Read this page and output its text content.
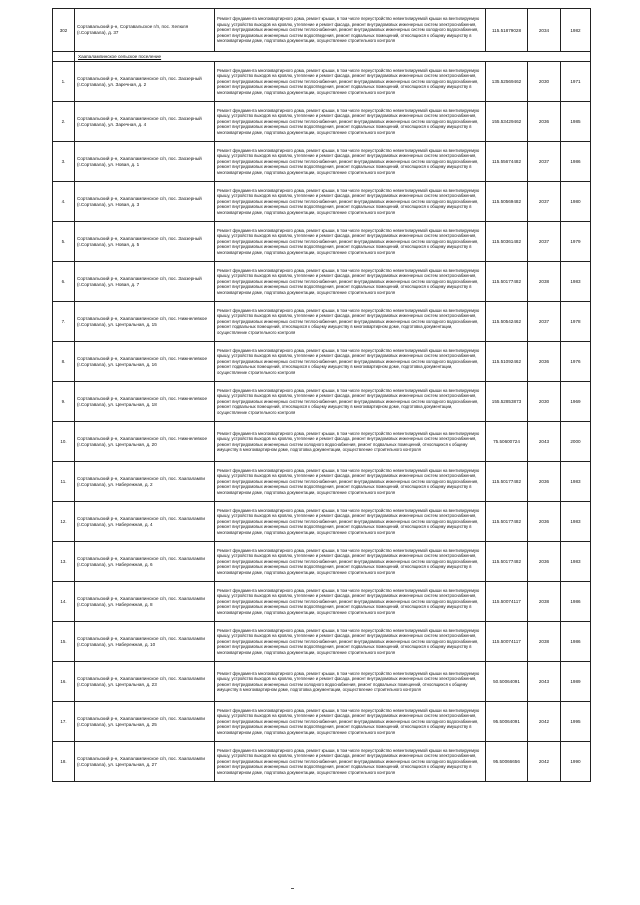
302	Сортавальский р-н, Сортавальское г/п, пос. Хелюля (г.Сортавала), д. 37	Ремонт фундамента многоквартирного дома, ремонт крыши, в том числе переустройство невентилируемой крыши на вентилируемую крышу, устройство выходов на кровлю, утепление и ремонт фасада, ремонт внутридомовых инженерных систем электроснабжения, ремонт внутридомовых инженерных систем теплоснабжения, ремонт внутридомовых инженерных систем холодного водоснабжения, ремонт внутридомовых инженерных систем водоотведения, ремонт подвальных помещений, относящихся к общему имуществу в многоквартирном доме, подготовка документации, осуществление строительного контроля	115.51879028	2034	1982
	Хаапалампинское сельское поселение				
1.	Сортавальский р-н, Хаапалампинское с/п, пос. Заозерный (г.Сортавала), ул. Заречная, д. 2	Ремонт фундамента многоквартирного дома, ремонт крыши, в том числе переустройство невентилируемой крыши на вентилируемую крышу, устройство выходов на кровлю, утепление и ремонт фасада, ремонт внутридомовых инженерных систем электроснабжения, ремонт внутридомовых инженерных систем теплоснабжения, ремонт внутридомовых инженерных систем холодного водоснабжения, ремонт внутридомовых инженерных систем водоотведения, ремонт подвальных помещений, относящихся к общему имуществу в многоквартирном доме, подготовка документации, осуществление строительного контроля	135.52569462	2030	1971
2.	Сортавальский р-н, Хаапалампинское с/п, пос. Заозерный (г.Сортавала), ул. Заречная, д. 4	Ремонт фундамента многоквартирного дома, ремонт крыши, в том числе переустройство невентилируемой крыши на вентилируемую крышу, устройство выходов на кровлю, утепление и ремонт фасада, ремонт внутридомовых инженерных систем электроснабжения, ремонт внутридомовых инженерных систем теплоснабжения, ремонт внутридомовых инженерных систем холодного водоснабжения, ремонт внутридомовых инженерных систем водоотведения, ремонт подвальных помещений, относящихся к общему имуществу в многоквартирном доме, подготовка документации, осуществление строительного контроля	155.53429462	2036	1985
3.	Сортавальский р-н, Хаапалампинское с/п, пос. Заозерный (г.Сортавала), ул. Новая, д. 1	Ремонт фундамента многоквартирного дома, ремонт крыши, в том числе переустройство невентилируемой крыши на вентилируемую крышу, устройство выходов на кровлю, утепление и ремонт фасада, ремонт внутридомовых инженерных систем электроснабжения, ремонт внутридомовых инженерных систем теплоснабжения, ремонт внутридомовых инженерных систем холодного водоснабжения, ремонт внутридомовых инженерных систем водоотведения, ремонт подвальных помещений, относящихся к общему имуществу в многоквартирном доме, подготовка документации, осуществление строительного контроля	115.55674482	2037	1986
4.	Сортавальский р-н, Хаапалампинское с/п, пос. Заозерный (г.Сортавала), ул. Новая, д. 3	Ремонт фундамента многоквартирного дома, ремонт крыши, в том числе переустройство невентилируемой крыши на вентилируемую крышу, устройство выходов на кровлю, утепление и ремонт фасада, ремонт внутридомовых инженерных систем электроснабжения, ремонт внутридомовых инженерных систем теплоснабжения, ремонт внутридомовых инженерных систем холодного водоснабжения, ремонт внутридомовых инженерных систем водоотведения, ремонт подвальных помещений, относящихся к общему имуществу в многоквартирном доме, подготовка документации, осуществление строительного контроля	115.50569482	2037	1980
5.	Сортавальский р-н, Хаапалампинское с/п, пос. Заозерный (г.Сортавала), ул. Новая, д. 5	Ремонт фундамента многоквартирного дома, ремонт крыши, в том числе переустройство невентилируемой крыши на вентилируемую крышу, устройство выходов на кровлю, утепление и ремонт фасада, ремонт внутридомовых инженерных систем электроснабжения, ремонт внутридомовых инженерных систем теплоснабжения, ремонт внутридомовых инженерных систем холодного водоснабжения, ремонт внутридомовых инженерных систем водоотведения, ремонт подвальных помещений, относящихся к общему имуществу в многоквартирном доме, подготовка документации, осуществление строительного контроля	115.50361482	2037	1979
6.	Сортавальский р-н, Хаапалампинское с/п, пос. Заозерный (г.Сортавала), ул. Новая, д. 7	Ремонт фундамента многоквартирного дома, ремонт крыши, в том числе переустройство невентилируемой крыши на вентилируемую крышу, устройство выходов на кровлю, утепление и ремонт фасада, ремонт внутридомовых инженерных систем электроснабжения, ремонт внутридомовых инженерных систем теплоснабжения, ремонт внутридомовых инженерных систем холодного водоснабжения, ремонт внутридомовых инженерных систем водоотведения, ремонт подвальных помещений, относящихся к общему имуществу в многоквартирном доме, подготовка документации, осуществление строительного контроля	115.50177482	2038	1983
7.	Сортавальский р-н, Хаапалампинское с/п, пос. Нижнелевкое (г.Сортавала), ул. Центральная, д. 15	Ремонт фундамента многоквартирного дома, ремонт крыши, в том числе переустройство невентилируемой крыши на вентилируемую крышу, устройство выходов на кровлю, утепление и ремонт фасада, ремонт внутридомовых инженерных систем электроснабжения, ремонт внутридомовых инженерных систем теплоснабжения, ремонт внутридомовых инженерных систем холодного водоснабжения, ремонт подвальных помещений, относящихся к общему имуществу в многоквартирном доме, подготовка документации, осуществление строительного контроля	115.50542462	2037	1978
8.	Сортавальский р-н, Хаапалампинское с/п, пос. Нижнелевкое (г.Сортавала), ул. Центральная, д. 16	Ремонт фундамента многоквартирного дома, ремонт крыши, в том числе переустройство невентилируемой крыши на вентилируемую крышу, устройство выходов на кровлю, утепление и ремонт фасада, ремонт внутридомовых инженерных систем электроснабжения, ремонт внутридомовых инженерных систем теплоснабжения, ремонт внутридомовых инженерных систем холодного водоснабжения, ремонт подвальных помещений, относящихся к общему имуществу в многоквартирном доме, подготовка документации, осуществление строительного контроля	115.51092462	2036	1976
9.	Сортавальский р-н, Хаапалампинское с/п, пос. Нижнелевкое (г.Сортавала), ул. Центральная, д. 18	Ремонт фундамента многоквартирного дома, ремонт крыши, в том числе переустройство невентилируемой крыши на вентилируемую крышу, устройство выходов на кровлю, утепление и ремонт фасада, ремонт внутридомовых инженерных систем электроснабжения, ремонт внутридомовых инженерных систем теплоснабжения, ремонт внутридомовых инженерных систем холодного водоснабжения, ремонт подвальных помещений, относящихся к общему имуществу в многоквартирном доме, подготовка документации, осуществление строительного контроля	155.52853873	2030	1969
10.	Сортавальский р-н, Хаапалампинское с/п, пос. Нижнелевкое (г.Сортавала), ул. Центральная, д. 20	Ремонт фундамента многоквартирного дома, ремонт крыши, в том числе переустройство невентилируемой крыши на вентилируемую крышу, устройство выходов на кровлю, утепление и ремонт фасада, ремонт внутридомовых инженерных систем электроснабжения, ремонт внутридомовых инженерных систем холодного водоснабжения, ремонт подвальных помещений, относящихся к общему имуществу в многоквартирном доме, подготовка документации, осуществление строительного контроля	75.50600724	2043	2000
11.	Сортавальский р-н, Хаапалампинское с/п, пос. Хаапалампи (г.Сортавала), ул. Набережная, д. 2	Ремонт фундамента многоквартирного дома, ремонт крыши, в том числе переустройство невентилируемой крыши на вентилируемую крышу, устройство выходов на кровлю, утепление и ремонт фасада, ремонт внутридомовых инженерных систем электроснабжения, ремонт внутридомовых инженерных систем теплоснабжения, ремонт внутридомовых инженерных систем холодного водоснабжения, ремонт внутридомовых инженерных систем водоотведения, ремонт подвальных помещений, относящихся к общему имуществу в многоквартирном доме, подготовка документации, осуществление строительного контроля	115.50177482	2036	1983
12.	Сортавальский р-н, Хаапалампинское с/п, пос. Хаапалампи (г.Сортавала), ул. Набережная, д. 4	Ремонт фундамента многоквартирного дома, ремонт крыши, в том числе переустройство невентилируемой крыши на вентилируемую крышу, устройство выходов на кровлю, утепление и ремонт фасада, ремонт внутридомовых инженерных систем электроснабжения, ремонт внутридомовых инженерных систем теплоснабжения, ремонт внутридомовых инженерных систем холодного водоснабжения, ремонт внутридомовых инженерных систем водоотведения, ремонт подвальных помещений, относящихся к общему имуществу в многоквартирном доме, подготовка документации, осуществление строительного контроля	115.50177482	2036	1983
13.	Сортавальский р-н, Хаапалампинское с/п, пос. Хаапалампи (г.Сортавала), ул. Набережная, д. 6	Ремонт фундамента многоквартирного дома, ремонт крыши, в том числе переустройство невентилируемой крыши на вентилируемую крышу, устройство выходов на кровлю, утепление и ремонт фасада, ремонт внутридомовых инженерных систем электроснабжения, ремонт внутридомовых инженерных систем теплоснабжения, ремонт внутридомовых инженерных систем холодного водоснабжения, ремонт внутридомовых инженерных систем водоотведения, ремонт подвальных помещений, относящихся к общему имуществу в многоквартирном доме, подготовка документации, осуществление строительного контроля	115.50177482	2036	1983
14.	Сортавальский р-н, Хаапалампинское с/п, пос. Хаапалампи (г.Сортавала), ул. Набережная, д. 8	Ремонт фундамента многоквартирного дома, ремонт крыши, в том числе переустройство невентилируемой крыши на вентилируемую крышу, устройство выходов на кровлю, утепление и ремонт фасада, ремонт внутридомовых инженерных систем электроснабжения, ремонт внутридомовых инженерных систем теплоснабжения, ремонт внутридомовых инженерных систем холодного водоснабжения, ремонт внутридомовых инженерных систем водоотведения, ремонт подвальных помещений, относящихся к общему имуществу в многоквартирном доме, подготовка документации, осуществление строительного контроля	115.50074117	2038	1986
15.	Сортавальский р-н, Хаапалампинское с/п, пос. Хаапалампи (г.Сортавала), ул. Набережная, д. 10	Ремонт фундамента многоквартирного дома, ремонт крыши, в том числе переустройство невентилируемой крыши на вентилируемую крышу, устройство выходов на кровлю, утепление и ремонт фасада, ремонт внутридомовых инженерных систем электроснабжения, ремонт внутридомовых инженерных систем теплоснабжения, ремонт внутридомовых инженерных систем холодного водоснабжения, ремонт внутридомовых инженерных систем водоотведения, ремонт подвальных помещений, относящихся к общему имуществу в многоквартирном доме, подготовка документации, осуществление строительного контроля	115.50074117	2038	1986
16.	Сортавальский р-н, Хаапалампинское с/п, пос. Хаапалампи (г.Сортавала), ул. Центральная, д. 23	Ремонт фундамента многоквартирного дома, ремонт крыши, в том числе переустройство невентилируемой крыши на вентилируемую крышу, устройство выходов на кровлю, утепление и ремонт фасада, ремонт внутридомовых инженерных систем электроснабжения, ремонт внутридомовых инженерных систем холодного водоснабжения, ремонт подвальных помещений, относящихся к общему имуществу в многоквартирном доме, подготовка документации, осуществление строительного контроля	50.50064091	2043	1989
17.	Сортавальский р-н, Хаапалампинское с/п, пос. Хаапалампи (г.Сортавала), ул. Центральная, д. 25	Ремонт фундамента многоквартирного дома, ремонт крыши, в том числе переустройство невентилируемой крыши на вентилируемую крышу, устройство выходов на кровлю, утепление и ремонт фасада, ремонт внутридомовых инженерных систем электроснабжения, ремонт внутридомовых инженерных систем теплоснабжения, ремонт внутридомовых инженерных систем холодного водоснабжения, ремонт внутридомовых инженерных систем водоотведения, ремонт подвальных помещений, относящихся к общему имуществу в многоквартирном доме, подготовка документации, осуществление строительного контроля	95.50064091	2042	1995
18.	Сортавальский р-н, Хаапалампинское с/п, пос. Хаапалампи (г.Сортавала), ул. Центральная, д. 27	Ремонт фундамента многоквартирного дома, ремонт крыши, в том числе переустройство невентилируемой крыши на вентилируемую крышу, устройство выходов на кровлю, утепление и ремонт фасада, ремонт внутридомовых инженерных систем электроснабжения, ремонт внутридомовых инженерных систем теплоснабжения, ремонт внутридомовых инженерных систем холодного водоснабжения, ремонт внутридомовых инженерных систем водоотведения, ремонт подвальных помещений, относящихся к общему имуществу в многоквартирном доме, подготовка документации, осуществление строительного контроля	95.50066656	2042	1990
